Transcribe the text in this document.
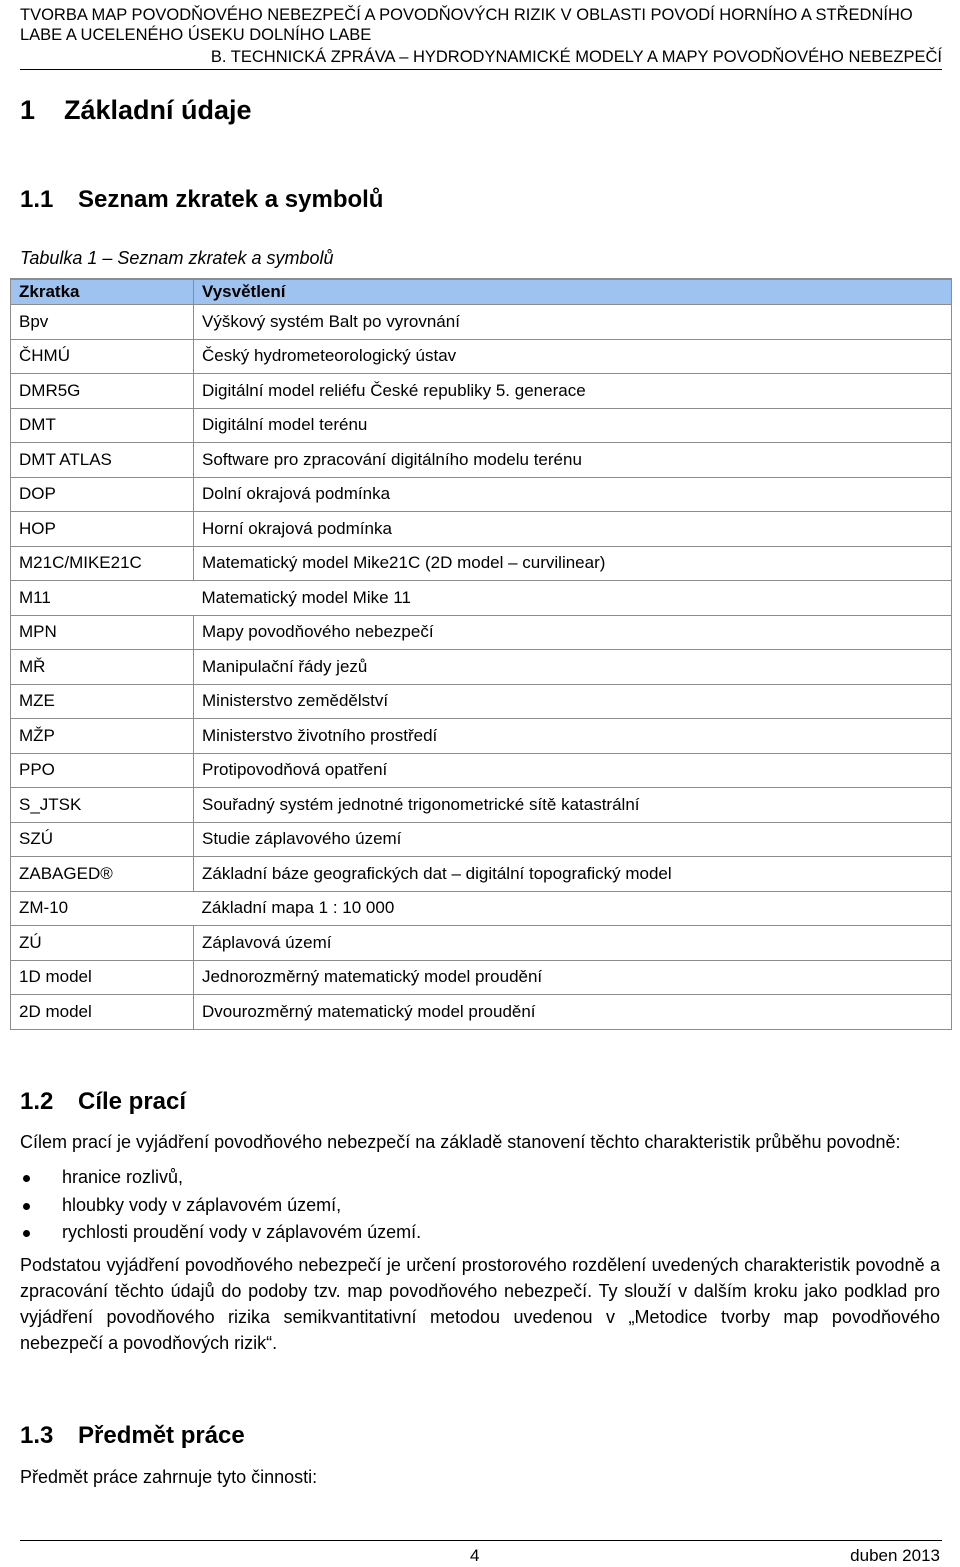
TVORBA MAP POVODŇOVÉHO NEBEZPEČÍ A POVODŇOVÝCH RIZIK V OBLASTI POVODÍ HORNÍHO A STŘEDNÍHO
LABE A UCELENÉHO ÚSEKU DOLNÍHO LABE
B. TECHNICKÁ ZPRÁVA – HYDRODYNAMICKÉ MODELY A MAPY POVODŇOVÉHO NEBEZPEČÍ
1 Základní údaje
1.1 Seznam zkratek a symbolů
Tabulka 1 – Seznam zkratek a symbolů
Zkratka	Vysvětlení
Bpv	Výškový systém Balt po vyrovnání
ČHMÚ	Český hydrometeorologický ústav
DMR5G	Digitální model reliéfu České republiky 5. generace
DMT	Digitální model terénu
DMT ATLAS	Software pro zpracování digitálního modelu terénu
DOP	Dolní okrajová podmínka
HOP	Horní okrajová podmínka
M21C/MIKE21C	Matematický model Mike21C (2D model – curvilinear)
M11	Matematický model Mike 11
MPN	Mapy povodňového nebezpečí
MŘ	Manipulační řády jezů
MZE	Ministerstvo zemědělství
MŽP	Ministerstvo životního prostředí
PPO	Protipovodňová opatření
S_JTSK	Souřadný systém jednotné trigonometrické sítě katastrální
SZÚ	Studie záplavového území
ZABAGED®	Základní báze geografických dat – digitální topografický model
ZM-10	Základní mapa 1 : 10 000
ZÚ	Záplavová území
1D model	Jednorozměrný matematický model proudění
2D model	Dvourozměrný matematický model proudění
1.2 Cíle prací
Cílem prací je vyjádření povodňového nebezpečí na základě stanovení těchto charakteristik průběhu povodně:
hranice rozlivů,
hloubky vody v záplavovém území,
rychlosti proudění vody v záplavovém území.
Podstatou vyjádření povodňového nebezpečí je určení prostorového rozdělení uvedených charakteristik povodně a zpracování těchto údajů do podoby tzv. map povodňového nebezpečí. Ty slouží v dalším kroku jako podklad pro vyjádření povodňového rizika semikvantitativní metodou uvedenou v „Metodice tvorby map povodňového nebezpečí a povodňových rizik“.
1.3 Předmět práce
Předmět práce zahrnuje tyto činnosti:
4	duben 2013
